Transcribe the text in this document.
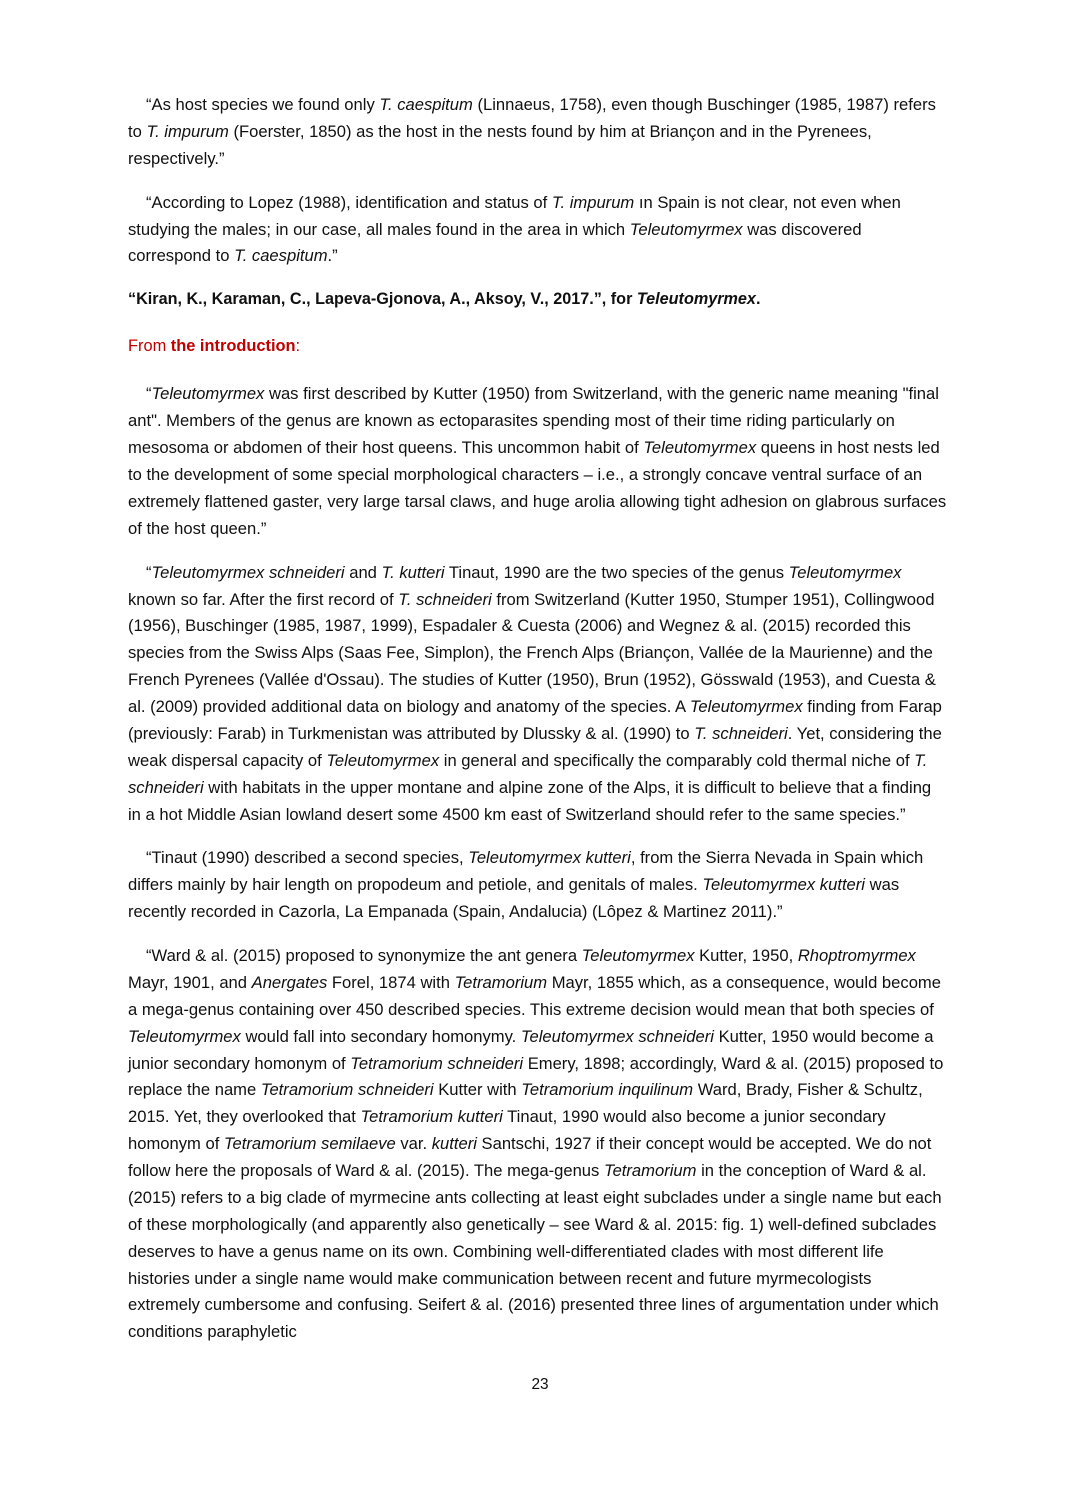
“As host species we found only T. caespitum (Linnaeus, 1758), even though Buschinger (1985, 1987) refers to T. impurum (Foerster, 1850) as the host in the nests found by him at Briançon and in the Pyrenees, respectively.”

“According to Lopez (1988), identification and status of T. impurum ın Spain is not clear, not even when studying the males; in our case, all males found in the area in which Teleutomyrmex was discovered correspond to T. caespitum.”

“Kiran, K., Karaman, C., Lapeva-Gjonova, A., Aksoy, V., 2017.”, for Teleutomyrmex.

From the introduction:

“Teleutomyrmex was first described by Kutter (1950) from Switzerland, with the generic name meaning "final ant". Members of the genus are known as ectoparasites spending most of their time riding particularly on mesosoma or abdomen of their host queens. This uncommon habit of Teleutomyrmex queens in host nests led to the development of some special morphological characters – i.e., a strongly concave ventral surface of an extremely flattened gaster, very large tarsal claws, and huge arolia allowing tight adhesion on glabrous surfaces of the host queen.”

“Teleutomyrmex schneideri and T. kutteri Tinaut, 1990 are the two species of the genus Teleutomyrmex known so far. After the first record of T. schneideri from Switzerland (Kutter 1950, Stumper 1951), Collingwood (1956), Buschinger (1985, 1987, 1999), Espadaler & Cuesta (2006) and Wegnez & al. (2015) recorded this species from the Swiss Alps (Saas Fee, Simplon), the French Alps (Briançon, Vallée de la Maurienne) and the French Pyrenees (Vallée d'Ossau). The studies of Kutter (1950), Brun (1952), Gösswald (1953), and Cuesta & al. (2009) provided additional data on biology and anatomy of the species. A Teleutomyrmex finding from Farap (previously: Farab) in Turkmenistan was attributed by Dlussky & al. (1990) to T. schneideri. Yet, considering the weak dispersal capacity of Teleutomyrmex in general and specifically the comparably cold thermal niche of T. schneideri with habitats in the upper montane and alpine zone of the Alps, it is difficult to believe that a finding in a hot Middle Asian lowland desert some 4500 km east of Switzerland should refer to the same species.”

“Tinaut (1990) described a second species, Teleutomyrmex kutteri, from the Sierra Nevada in Spain which differs mainly by hair length on propodeum and petiole, and genitals of males. Teleutomyrmex kutteri was recently recorded in Cazorla, La Empanada (Spain, Andalucia) (Lôpez & Martinez 2011).”

“Ward & al. (2015) proposed to synonymize the ant genera Teleutomyrmex Kutter, 1950, Rhoptromyrmex Mayr, 1901, and Anergates Forel, 1874 with Tetramorium Mayr, 1855 which, as a consequence, would become a mega-genus containing over 450 described species. This extreme decision would mean that both species of Teleutomyrmex would fall into secondary homonymy. Teleutomyrmex schneideri Kutter, 1950 would become a junior secondary homonym of Tetramorium schneideri Emery, 1898; accordingly, Ward & al. (2015) proposed to replace the name Tetramorium schneideri Kutter with Tetramorium inquilinum Ward, Brady, Fisher & Schultz, 2015. Yet, they overlooked that Tetramorium kutteri Tinaut, 1990 would also become a junior secondary homonym of Tetramorium semilaeve var. kutteri Santschi, 1927 if their concept would be accepted. We do not follow here the proposals of Ward & al. (2015). The mega-genus Tetramorium in the conception of Ward & al. (2015) refers to a big clade of myrmecine ants collecting at least eight subclades under a single name but each of these morphologically (and apparently also genetically – see Ward & al. 2015: fig. 1) well-defined subclades deserves to have a genus name on its own. Combining well-differentiated clades with most different life histories under a single name would make communication between recent and future myrmecologists extremely cumbersome and confusing. Seifert & al. (2016) presented three lines of argumentation under which conditions paraphyletic

23
